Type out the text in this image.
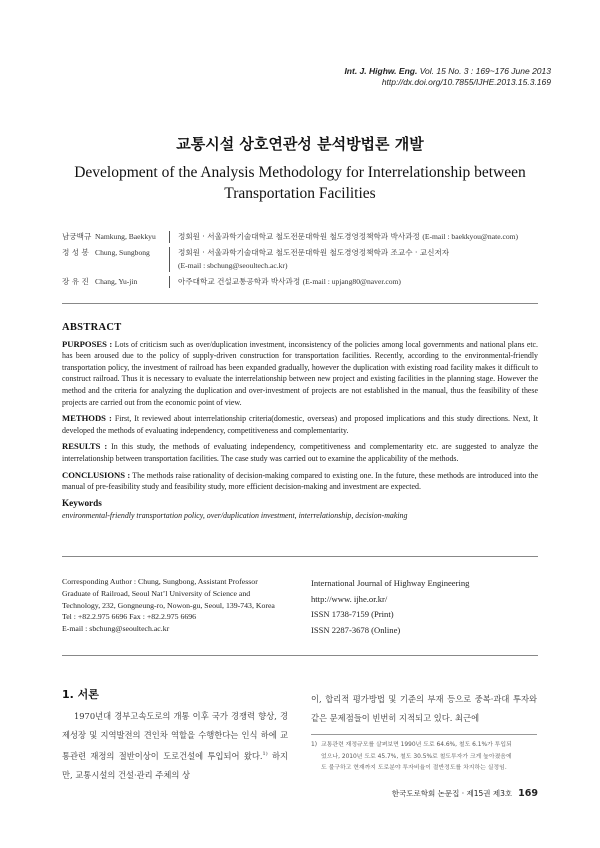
Int. J. Highw. Eng. Vol. 15 No. 3 : 169~176 June 2013
http://dx.doi.org/10.7855/IJHE.2013.15.3.169
교통시설 상호연관성 분석방법론 개발
Development of the Analysis Methodology for Interrelationship between
Transportation Facilities
남궁백규 Namkung, Baekkyu	정회원 · 서울과학기술대학교 철도전문대학원 철도경영정책학과 박사과정 (E-mail : baekkyou@nate.com)
정 성 봉 Chung, Sungbong	정회원 · 서울과학기술대학교 철도전문대학원 철도경영정책학과 조교수 · 교신저자
(E-mail : sbchung@seoultech.ac.kr)
장 유 진 Chang, Yu-jin	아주대학교 건설교통공학과 박사과정 (E-mail : upjang80@naver.com)
ABSTRACT

PURPOSES : Lots of criticism such as over/duplication investment, inconsistency of the policies among local governments and national plans etc. has been aroused due to the policy of supply-driven construction for transportation facilities. Recently, according to the environmental-friendly transportation policy, the investment of railroad has been expanded gradually, however the duplication with existing road facility makes it difficult to construct railroad. Thus it is necessary to evaluate the interrelationship between new project and existing facilities in the planning stage. However the method and the criteria for analyzing the duplication and over-investment of projects are not established in the manual, thus the feasibility of these projects are carried out from the economic point of view.

METHODS : First, It reviewed about interrelationship criteria(domestic, overseas) and proposed implications and this study directions. Next, It developed the methods of evaluating independency, competitiveness and complementarity.

RESULTS : In this study, the methods of evaluating independency, competitiveness and complementarity etc. are suggested to analyze the interrelationship between transportation facilities. The case study was carried out to examine the applicability of the methods.

CONCLUSIONS : The methods raise rationality of decision-making compared to existing one. In the future, these methods are introduced into the manual of pre-feasibility study and feasibility study, more efficient decision-making and investment are expected.

Keywords
environmental-friendly transportation policy, over/duplication investment, interrelationship, decision-making
Corresponding Author : Chung, Sungbong, Assistant Professor
Graduate of Railroad, Seoul Nat’l University of Science and
Technology, 232, Gongneung-ro, Nowon-gu, Seoul, 139-743, Korea
Tel : +82.2.975 6696 Fax : +82.2.975 6696
E-mail : sbchung@seoultech.ac.kr
International Journal of Highway Engineering
http://www. ijhe.or.kr/
ISSN 1738-7159 (Print)
ISSN 2287-3678 (Online)
1. 서론
1970년대 경부고속도로의 개통 이후 국가 경쟁력 향상, 경제성장 및 지역발전의 견인차 역할을 수행한다는 인식 하에 교통관련 재정의 절반이상이 도로건설에 투입되어 왔다.$^{1)}$ 하지만, 교통시설의 건설·관리 주체의 상
이, 합리적 평가방법 및 기준의 부재 등으로 중복·과대 투자와 같은 문제점들이 빈번히 지적되고 있다. 최근에
1) 교통관련 재정규모를 살펴보면 1990년 도로 64.6%, 철도 6.1%가 투입되
었으나, 2010년 도로 45.7%, 철도 30.5%로 철도투자가 크게 높아졌음에
도 불구하고 현재까지 도로분야 투자비율이 절반정도를 차지하는 실정임.
한국도로학회 논문집 · 제15권 제3호 169
